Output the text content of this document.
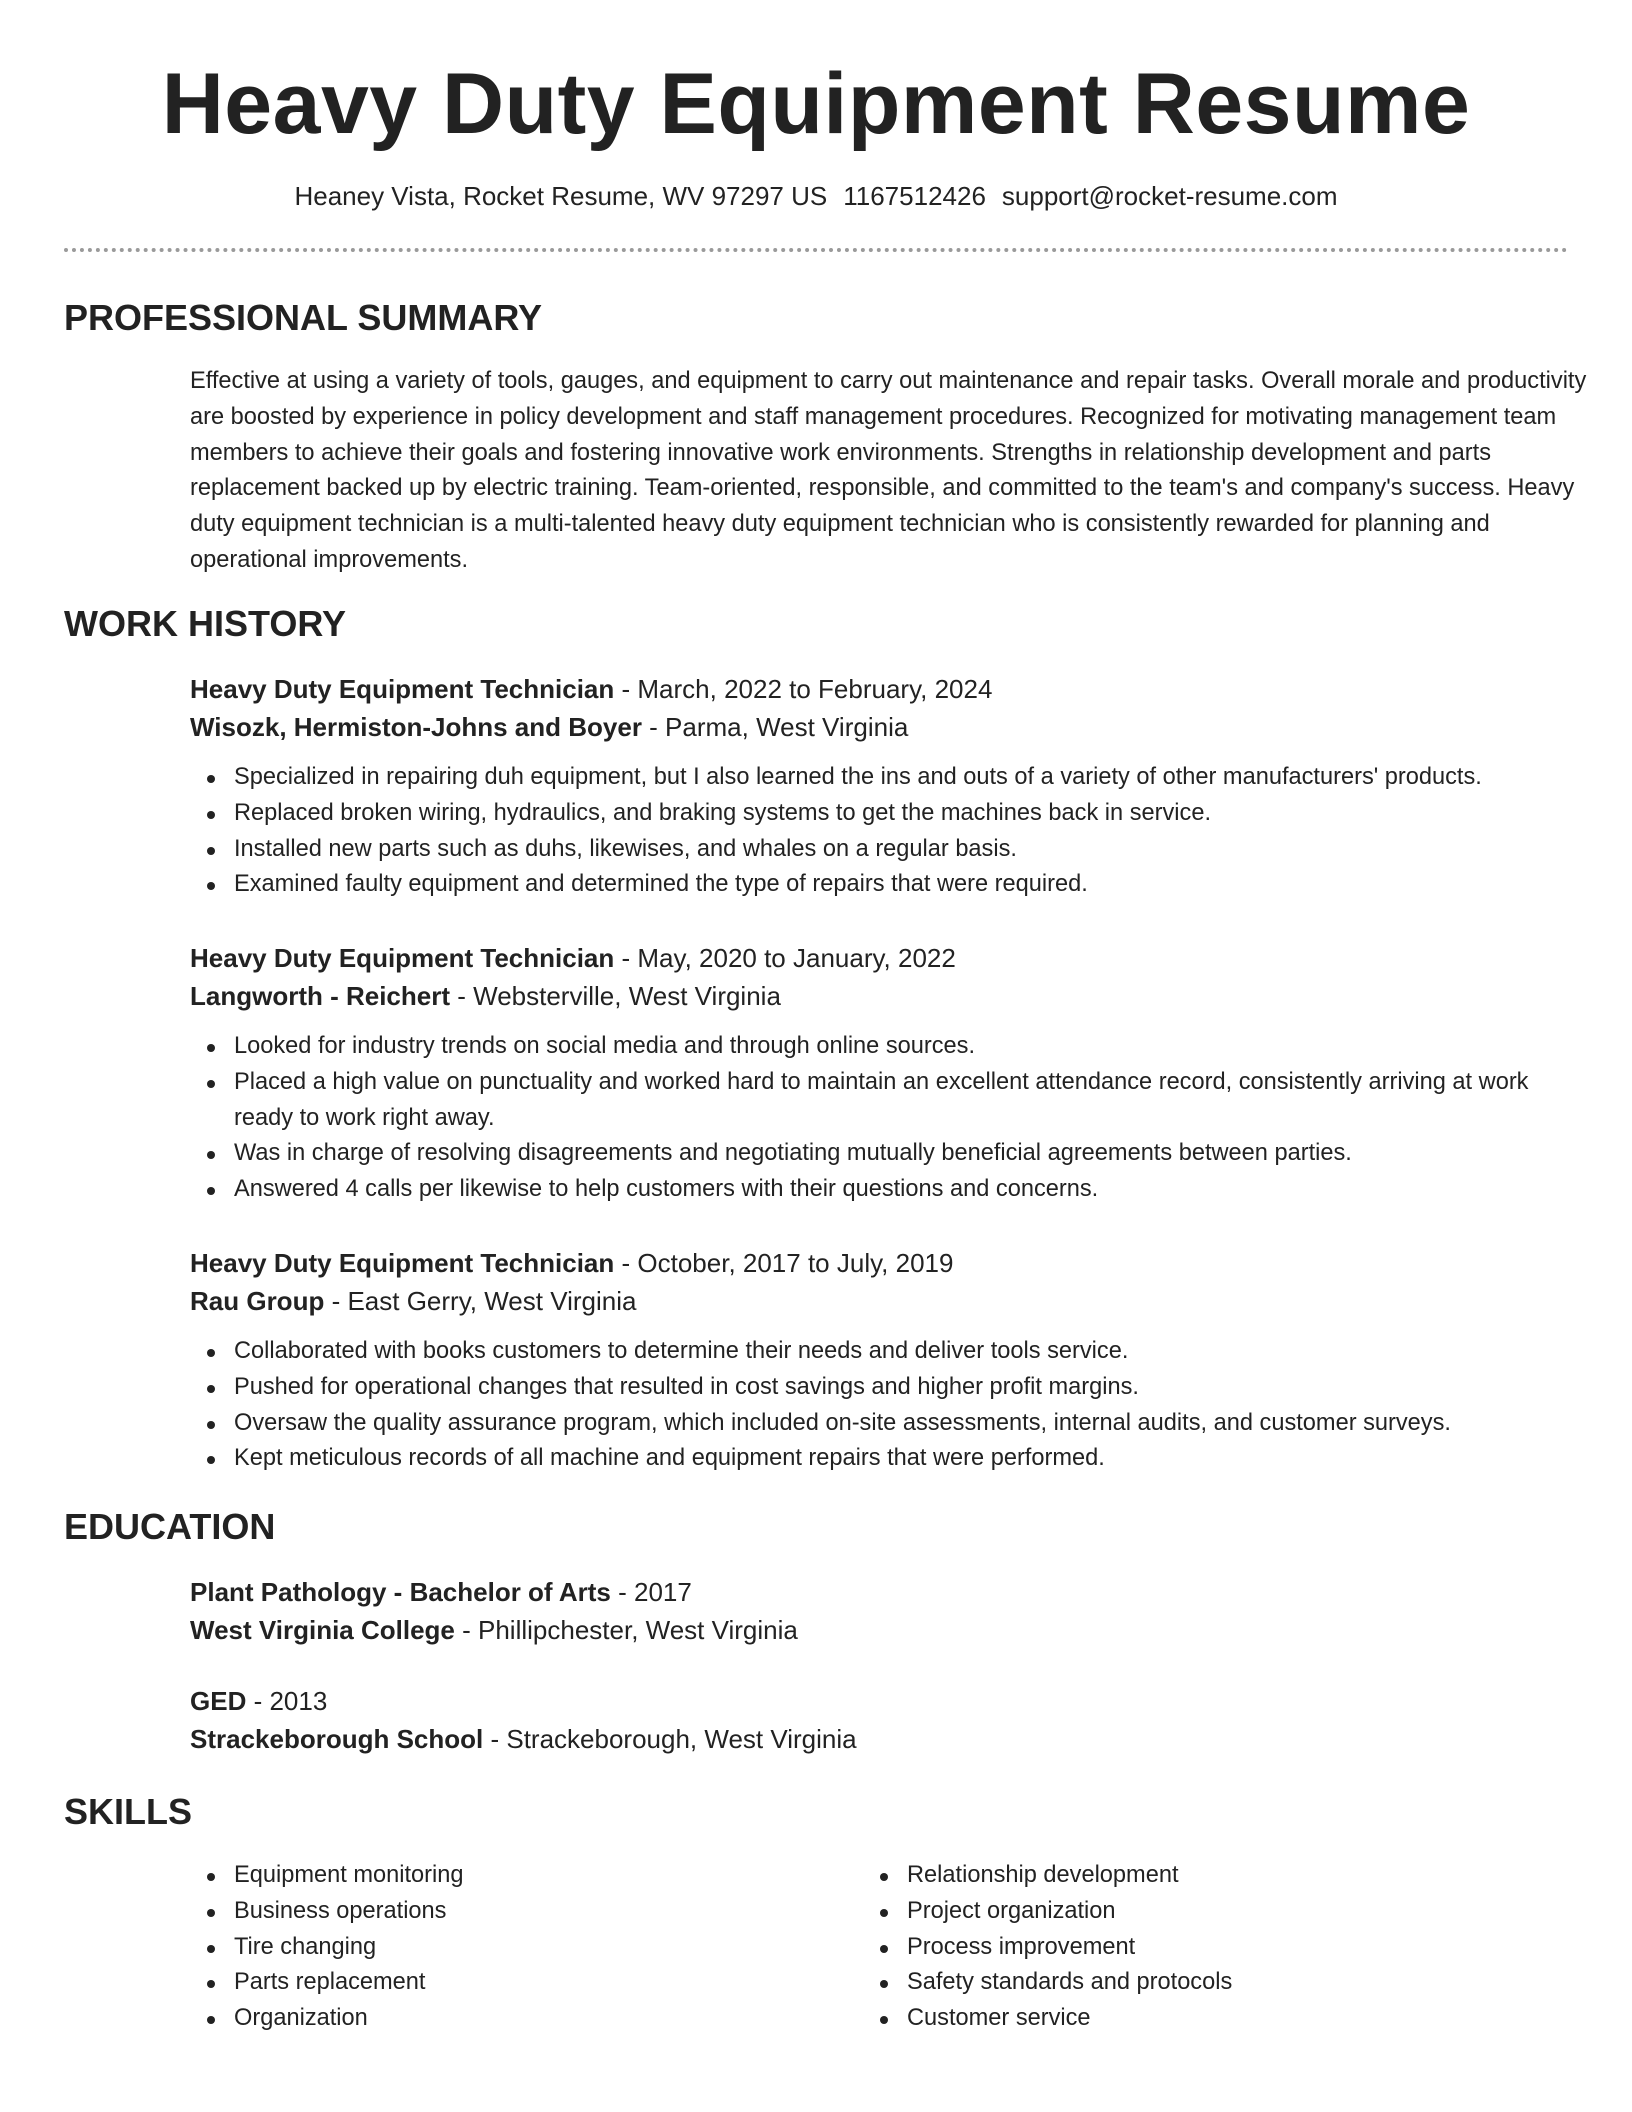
Heavy Duty Equipment Resume
Heaney Vista, Rocket Resume, WV 97297 US 1167512426 support@rocket-resume.com
PROFESSIONAL SUMMARY

Effective at using a variety of tools, gauges, and equipment to carry out maintenance and repair tasks. Overall morale and productivity are boosted by experience in policy development and staff management procedures. Recognized for motivating management team members to achieve their goals and fostering innovative work environments. Strengths in relationship development and parts replacement backed up by electric training. Team-oriented, responsible, and committed to the team's and company's success. Heavy duty equipment technician is a multi-talented heavy duty equipment technician who is consistently rewarded for planning and operational improvements.

WORK HISTORY

Heavy Duty Equipment Technician - March, 2022 to February, 2024

Wisozk, Hermiston-Johns and Boyer - Parma, West Virginia

Specialized in repairing duh equipment, but I also learned the ins and outs of a variety of other manufacturers' products.
Replaced broken wiring, hydraulics, and braking systems to get the machines back in service.
Installed new parts such as duhs, likewises, and whales on a regular basis.
Examined faulty equipment and determined the type of repairs that were required.

Heavy Duty Equipment Technician - May, 2020 to January, 2022

Langworth - Reichert - Websterville, West Virginia

Looked for industry trends on social media and through online sources.
Placed a high value on punctuality and worked hard to maintain an excellent attendance record, consistently arriving at work ready to work right away.
Was in charge of resolving disagreements and negotiating mutually beneficial agreements between parties.
Answered 4 calls per likewise to help customers with their questions and concerns.

Heavy Duty Equipment Technician - October, 2017 to July, 2019

Rau Group - East Gerry, West Virginia

Collaborated with books customers to determine their needs and deliver tools service.
Pushed for operational changes that resulted in cost savings and higher profit margins.
Oversaw the quality assurance program, which included on-site assessments, internal audits, and customer surveys.
Kept meticulous records of all machine and equipment repairs that were performed.
EDUCATION

Plant Pathology - Bachelor of Arts - 2017

West Virginia College - Phillipchester, West Virginia

GED - 2013

Strackeborough School - Strackeborough, West Virginia

SKILLS
Equipment monitoring
Business operations
Tire changing
Parts replacement
Organization
Relationship development
Project organization
Process improvement
Safety standards and protocols
Customer service
